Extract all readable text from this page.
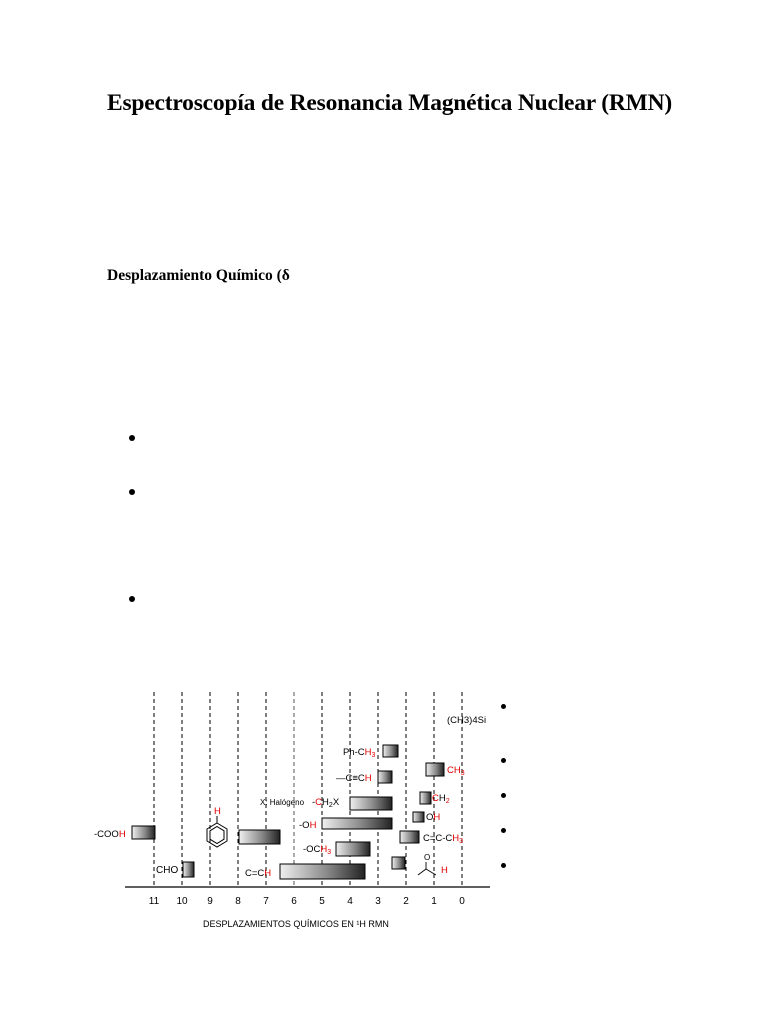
Espectroscopía de Resonancia Magnética Nuclear (RMN)
Desplazamiento Químico (δ
11 10 9 8 7 6 5 4 3 2 1 0
DESPLAZAMIENTOS QUÍMICOS EN ¹H RMN
-COOH
CHO	C=CH
$-OCH_3$
-OH
X: Halógeno $-CH_2X$
—C≡CH
$Ph-CH_3$
(CH3)4Si
$CH_3$
$CH_2$
OH
$C=C-CH_3$
O
H
H
